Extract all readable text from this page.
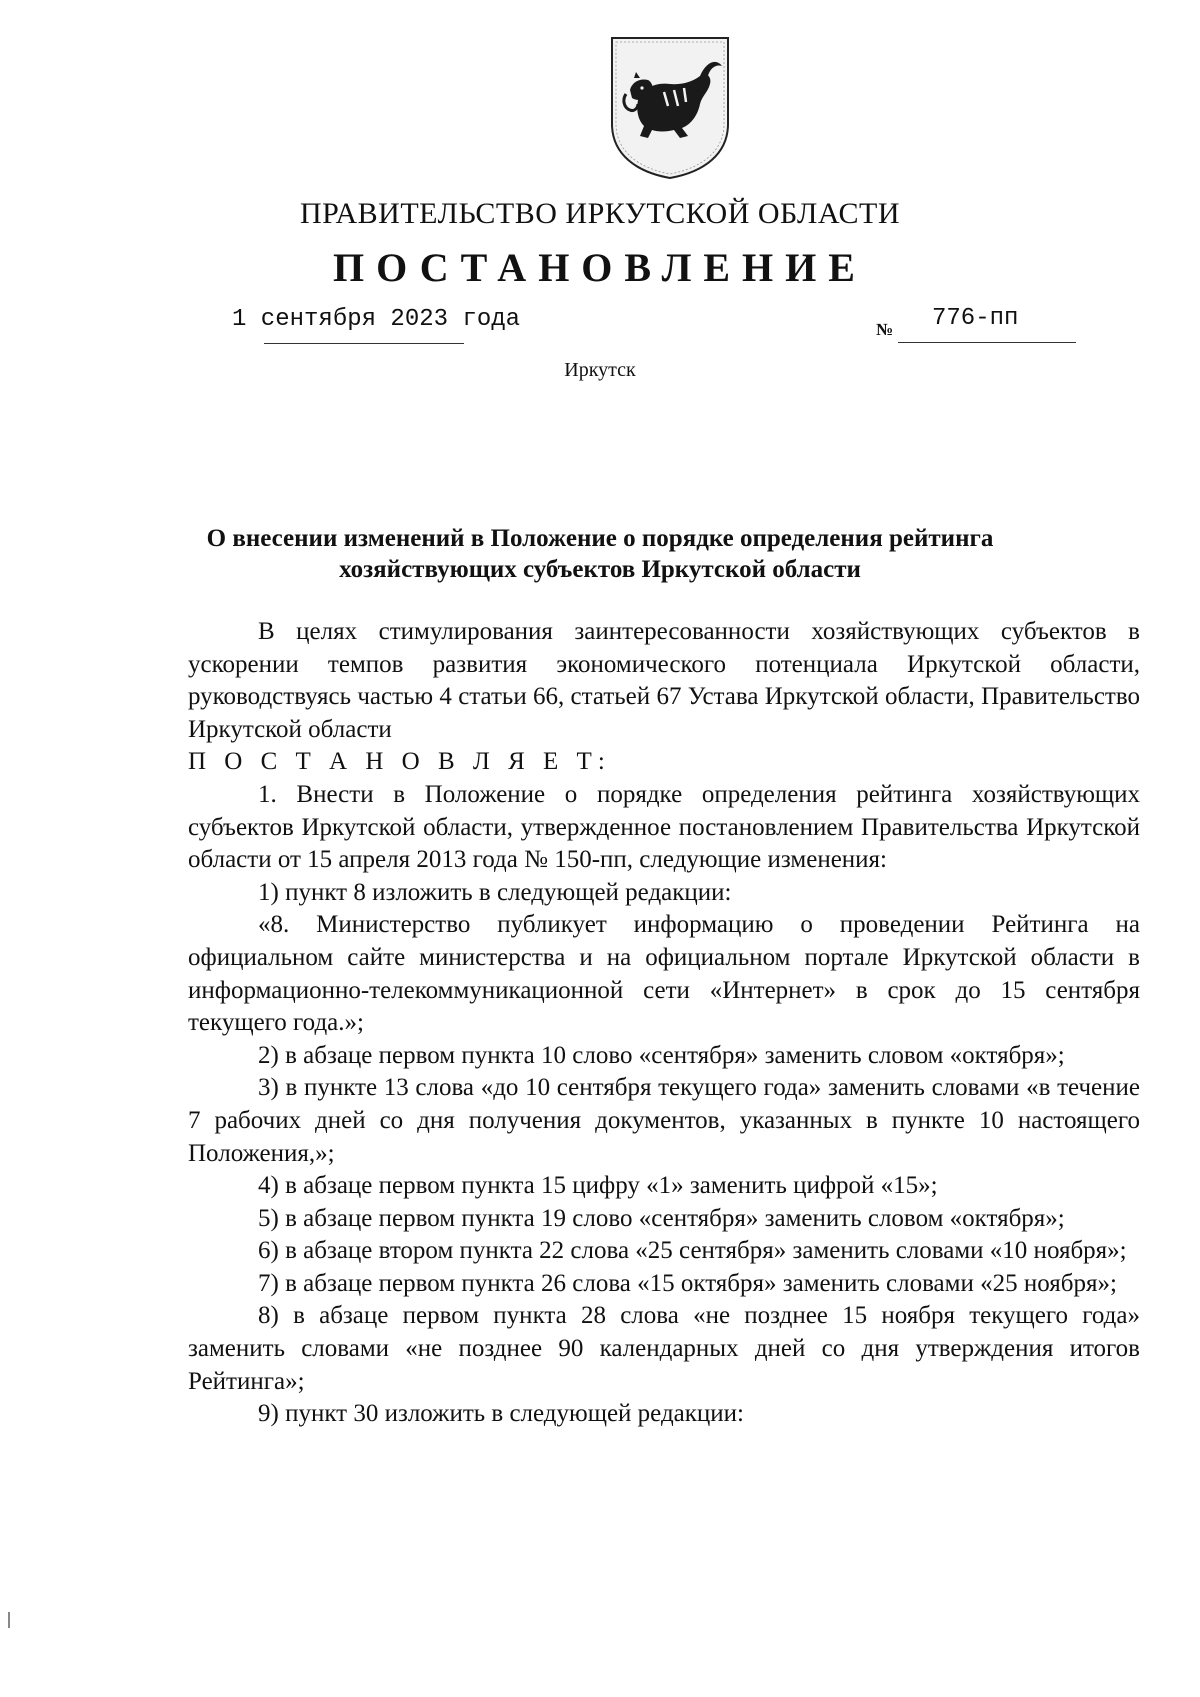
ПРАВИТЕЛЬСТВО ИРКУТСКОЙ ОБЛАСТИ
ПОСТАНОВЛЕНИЕ
1 сентября 2023 года	№ 776-пп
Иркутск
О внесении изменений в Положение о порядке определения рейтинга
хозяйствующих субъектов Иркутской области

В целях стимулирования заинтересованности хозяйствующих субъектов в ускорении темпов развития экономического потенциала Иркутской области, руководствуясь частью 4 статьи 66, статьей 67 Устава Иркутской области, Правительство Иркутской области

П О С Т А Н О В Л Я Е Т:

1. Внести в Положение о порядке определения рейтинга хозяйствующих субъектов Иркутской области, утвержденное постановлением Правительства Иркутской области от 15 апреля 2013 года № 150-пп, следующие изменения:

1) пункт 8 изложить в следующей редакции:

«8. Министерство публикует информацию о проведении Рейтинга на официальном сайте министерства и на официальном портале Иркутской области в информационно-телекоммуникационной сети «Интернет» в срок до 15 сентября текущего года.»;

2) в абзаце первом пункта 10 слово «сентября» заменить словом «октября»;

3) в пункте 13 слова «до 10 сентября текущего года» заменить словами «в течение 7 рабочих дней со дня получения документов, указанных в пункте 10 настоящего Положения,»;

4) в абзаце первом пункта 15 цифру «1» заменить цифрой «15»;

5) в абзаце первом пункта 19 слово «сентября» заменить словом «октября»;

6) в абзаце втором пункта 22 слова «25 сентября» заменить словами «10 ноября»;

7) в абзаце первом пункта 26 слова «15 октября» заменить словами «25 ноября»;

8) в абзаце первом пункта 28 слова «не позднее 15 ноября текущего года» заменить словами «не позднее 90 календарных дней со дня утверждения итогов Рейтинга»;

9) пункт 30 изложить в следующей редакции:
